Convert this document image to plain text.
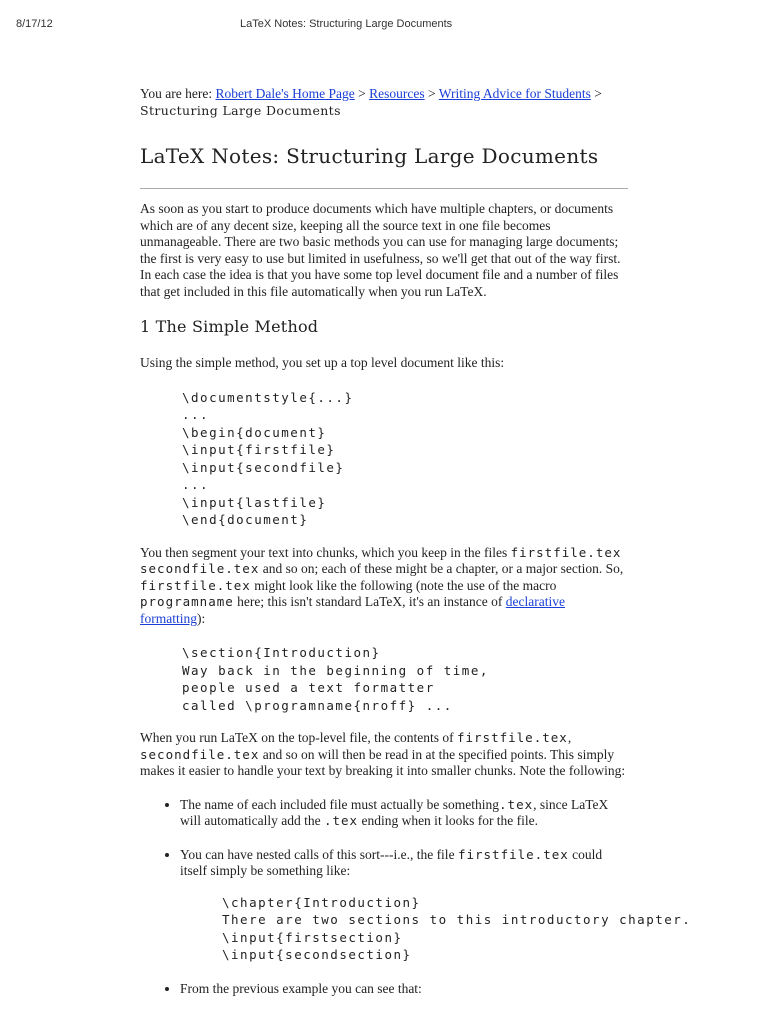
8/17/12	LaTeX Notes: Structuring Large Documents
You are here: Robert Dale's Home Page > Resources > Writing Advice for Students >
Structuring Large Documents
LaTeX Notes: Structuring Large Documents

As soon as you start to produce documents which have multiple chapters, or documents which are of any decent size, keeping all the source text in one file becomes unmanageable. There are two basic methods you can use for managing large documents; the first is very easy to use but limited in usefulness, so we'll get that out of the way first. In each case the idea is that you have some top level document file and a number of files that get included in this file automatically when you run LaTeX.

1 The Simple Method

Using the simple method, you set up a top level document like this:

\documentstyle{...}
...
\begin{document}
\input{firstfile}
\input{secondfile}
...
\input{lastfile}
\end{document}

You then segment your text into chunks, which you keep in the files firstfile.tex secondfile.tex and so on; each of these might be a chapter, or a major section. So, firstfile.tex might look like the following (note the use of the macro programname here; this isn't standard LaTeX, it's an instance of declarative formatting):

\section{Introduction}
Way back in the beginning of time,
people used a text formatter
called \programname{nroff} ...

When you run LaTeX on the top-level file, the contents of firstfile.tex, secondfile.tex and so on will then be read in at the specified points. This simply makes it easier to handle your text by breaking it into smaller chunks. Note the following:

• The name of each included file must actually be something.tex, since LaTeX will automatically add the .tex ending when it looks for the file.
• You can have nested calls of this sort---i.e., the file firstfile.tex could itself simply be something like:
\chapter{Introduction}
There are two sections to this introductory chapter.
\input{firstsection}
\input{secondsection}
• From the previous example you can see that:
